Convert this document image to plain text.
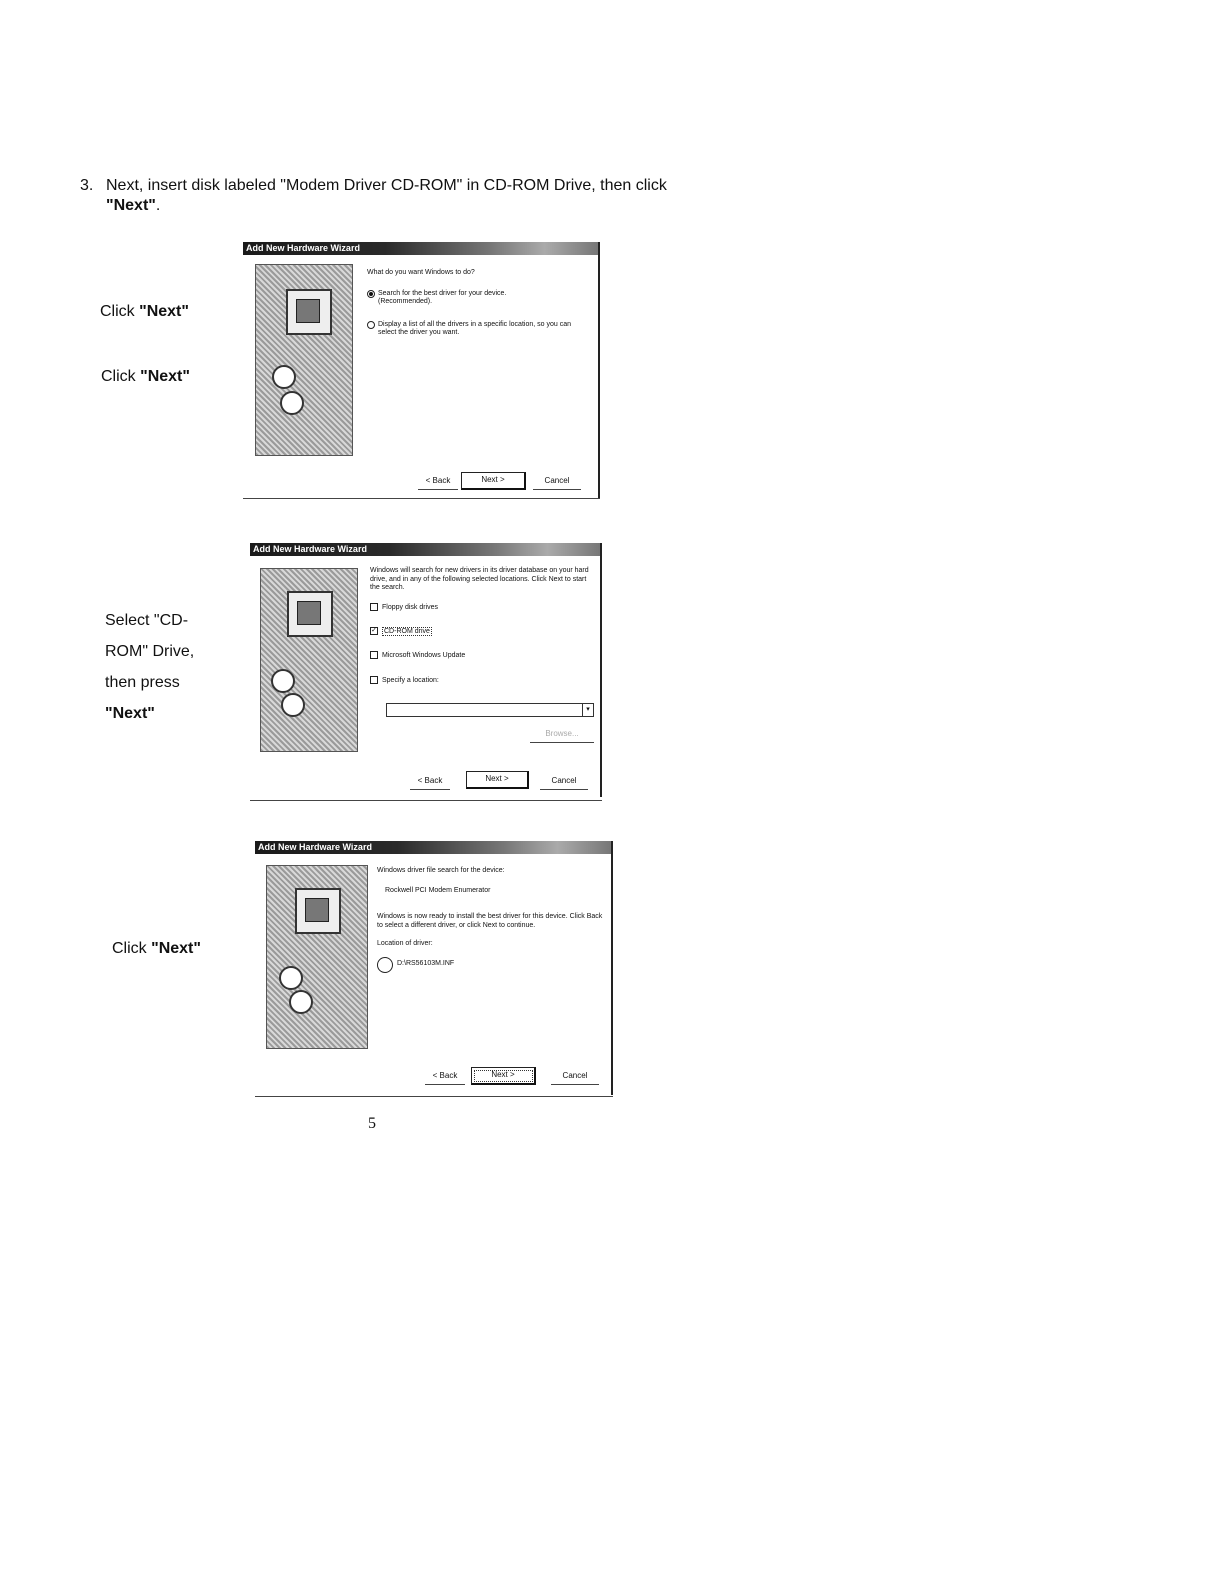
3. Next, insert disk labeled "Modem Driver CD-ROM" in CD-ROM Drive, then click "Next".
Click "Next"
Click "Next"
Select "CD-
ROM" Drive,
then press
"Next"
Click "Next"
Add New Hardware Wizard
What do you want Windows to do?
Search for the best driver for your device. (Recommended).
Display a list of all the drivers in a specific location, so you can select the driver you want.
< Back	Next >	Cancel
Add New Hardware Wizard
Windows will search for new drivers in its driver database on your hard drive, and in any of the following selected locations. Click Next to start the search.
Floppy disk drives
✓ CD-ROM drive
Microsoft Windows Update
Specify a location:
▾
Browse...
< Back	Next >	Cancel
Add New Hardware Wizard
Windows driver file search for the device:
Rockwell PCI Modem Enumerator
Windows is now ready to install the best driver for this device. Click Back to select a different driver, or click Next to continue.
Location of driver:
D:\RS56103M.INF
< Back	Next >	Cancel
5
